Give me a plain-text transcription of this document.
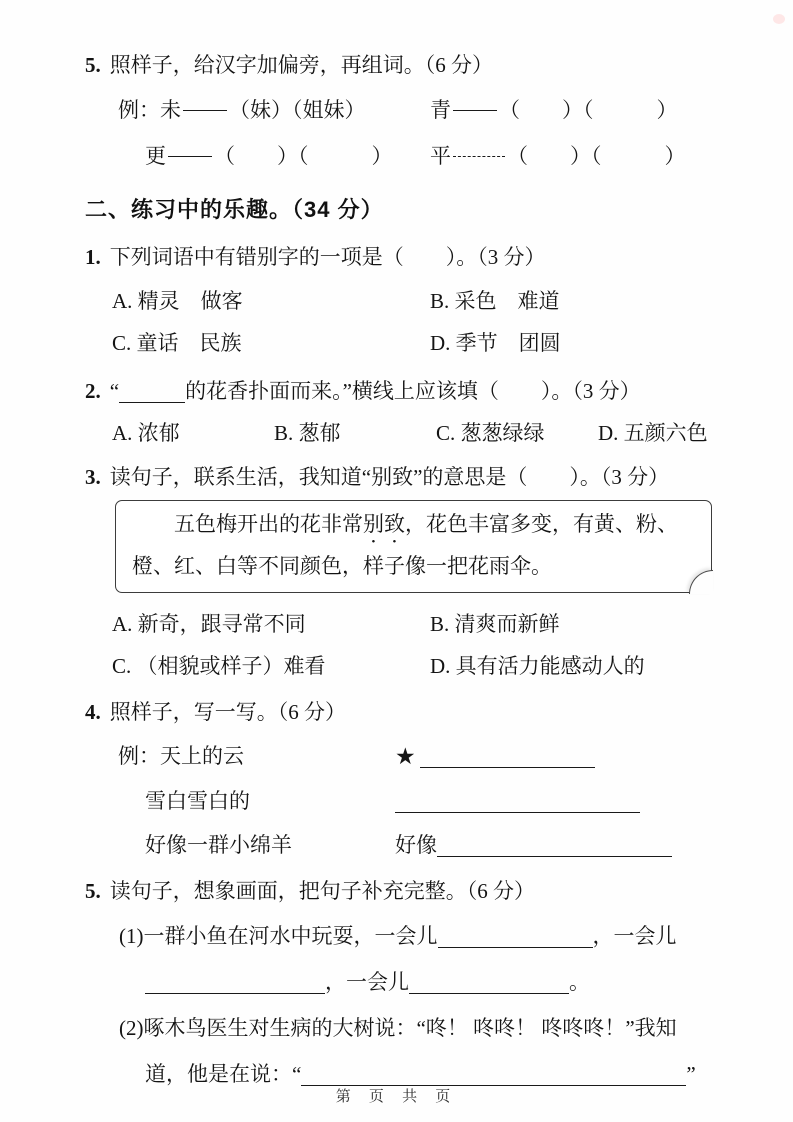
5. 照样子，给汉字加偏旁，再组词。（6 分）
例：未 （妹）（姐妹）	青 （　　）（　　　）
更 （　　）（　　　）	平	（　　）（　　　）
二、练习中的乐趣。（34 分）
1. 下列词语中有错别字的一项是（　　）。（3 分）
A. 精灵　做客	B. 采色　难道
C. 童话　民族	D. 季节　团圆
2. “	的花香扑面而来。”横线上应该填（　　）。（3 分）
A. 浓郁	B. 葱郁	C. 葱葱绿绿	D. 五颜六色
3. 读句子，联系生活，我知道“别致”的意思是（　　）。（3 分）

五色梅开出的花非常别致，花色丰富多变，有黄、粉、橙、红、白等不同颜色，样子像一把花雨伞。

A. 新奇，跟寻常不同	B. 清爽而新鲜
C. （相貌或样子）难看	D. 具有活力能感动人的
4. 照样子，写一写。（6 分）
例：天上的云	★
雪白雪白的
好像一群小绵羊	好像
5. 读句子，想象画面，把句子补充完整。（6 分）
(1)一群小鱼在河水中玩耍，一会儿	，一会儿
，一会儿	。
(2)啄木鸟医生对生病的大树说：“咚！ 咚咚！ 咚咚咚！”我知
道，他是在说：“	”
第 页 共 页
